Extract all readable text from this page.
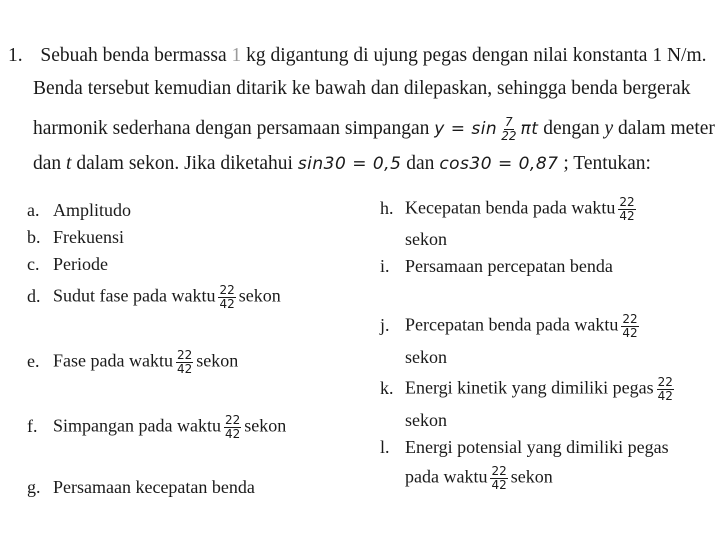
1. Sebuah benda bermassa 1 kg digantung di ujung pegas dengan nilai konstanta 1 N/m.
Benda tersebut kemudian ditarik ke bawah dan dilepaskan, sehingga benda bergerak
harmonik sederhana dengan persamaan simpangan $y = \sin \frac{7}{22}$ πt dengan y dalam meter
dan t dalam sekon. Jika diketahui sin30 = 0,5 dan cos30 = 0,87 ; Tentukan:
a. Amplitudo
b. Frekuensi
c. Periode
d. Sudut fase pada waktu $\frac{22}{42}$ sekon
e. Fase pada waktu $\frac{22}{42}$ sekon
f. Simpangan pada waktu $\frac{22}{42}$ sekon
g. Persamaan kecepatan benda
h. Kecepatan benda pada waktu $\frac{22}{42}$
sekon
i. Persamaan percepatan benda
j. Percepatan benda pada waktu $\frac{22}{42}$
sekon
k. Energi kinetik yang dimiliki pegas $\frac{22}{42}$
sekon
l. Energi potensial yang dimiliki pegas
pada waktu $\frac{22}{42}$ sekon
